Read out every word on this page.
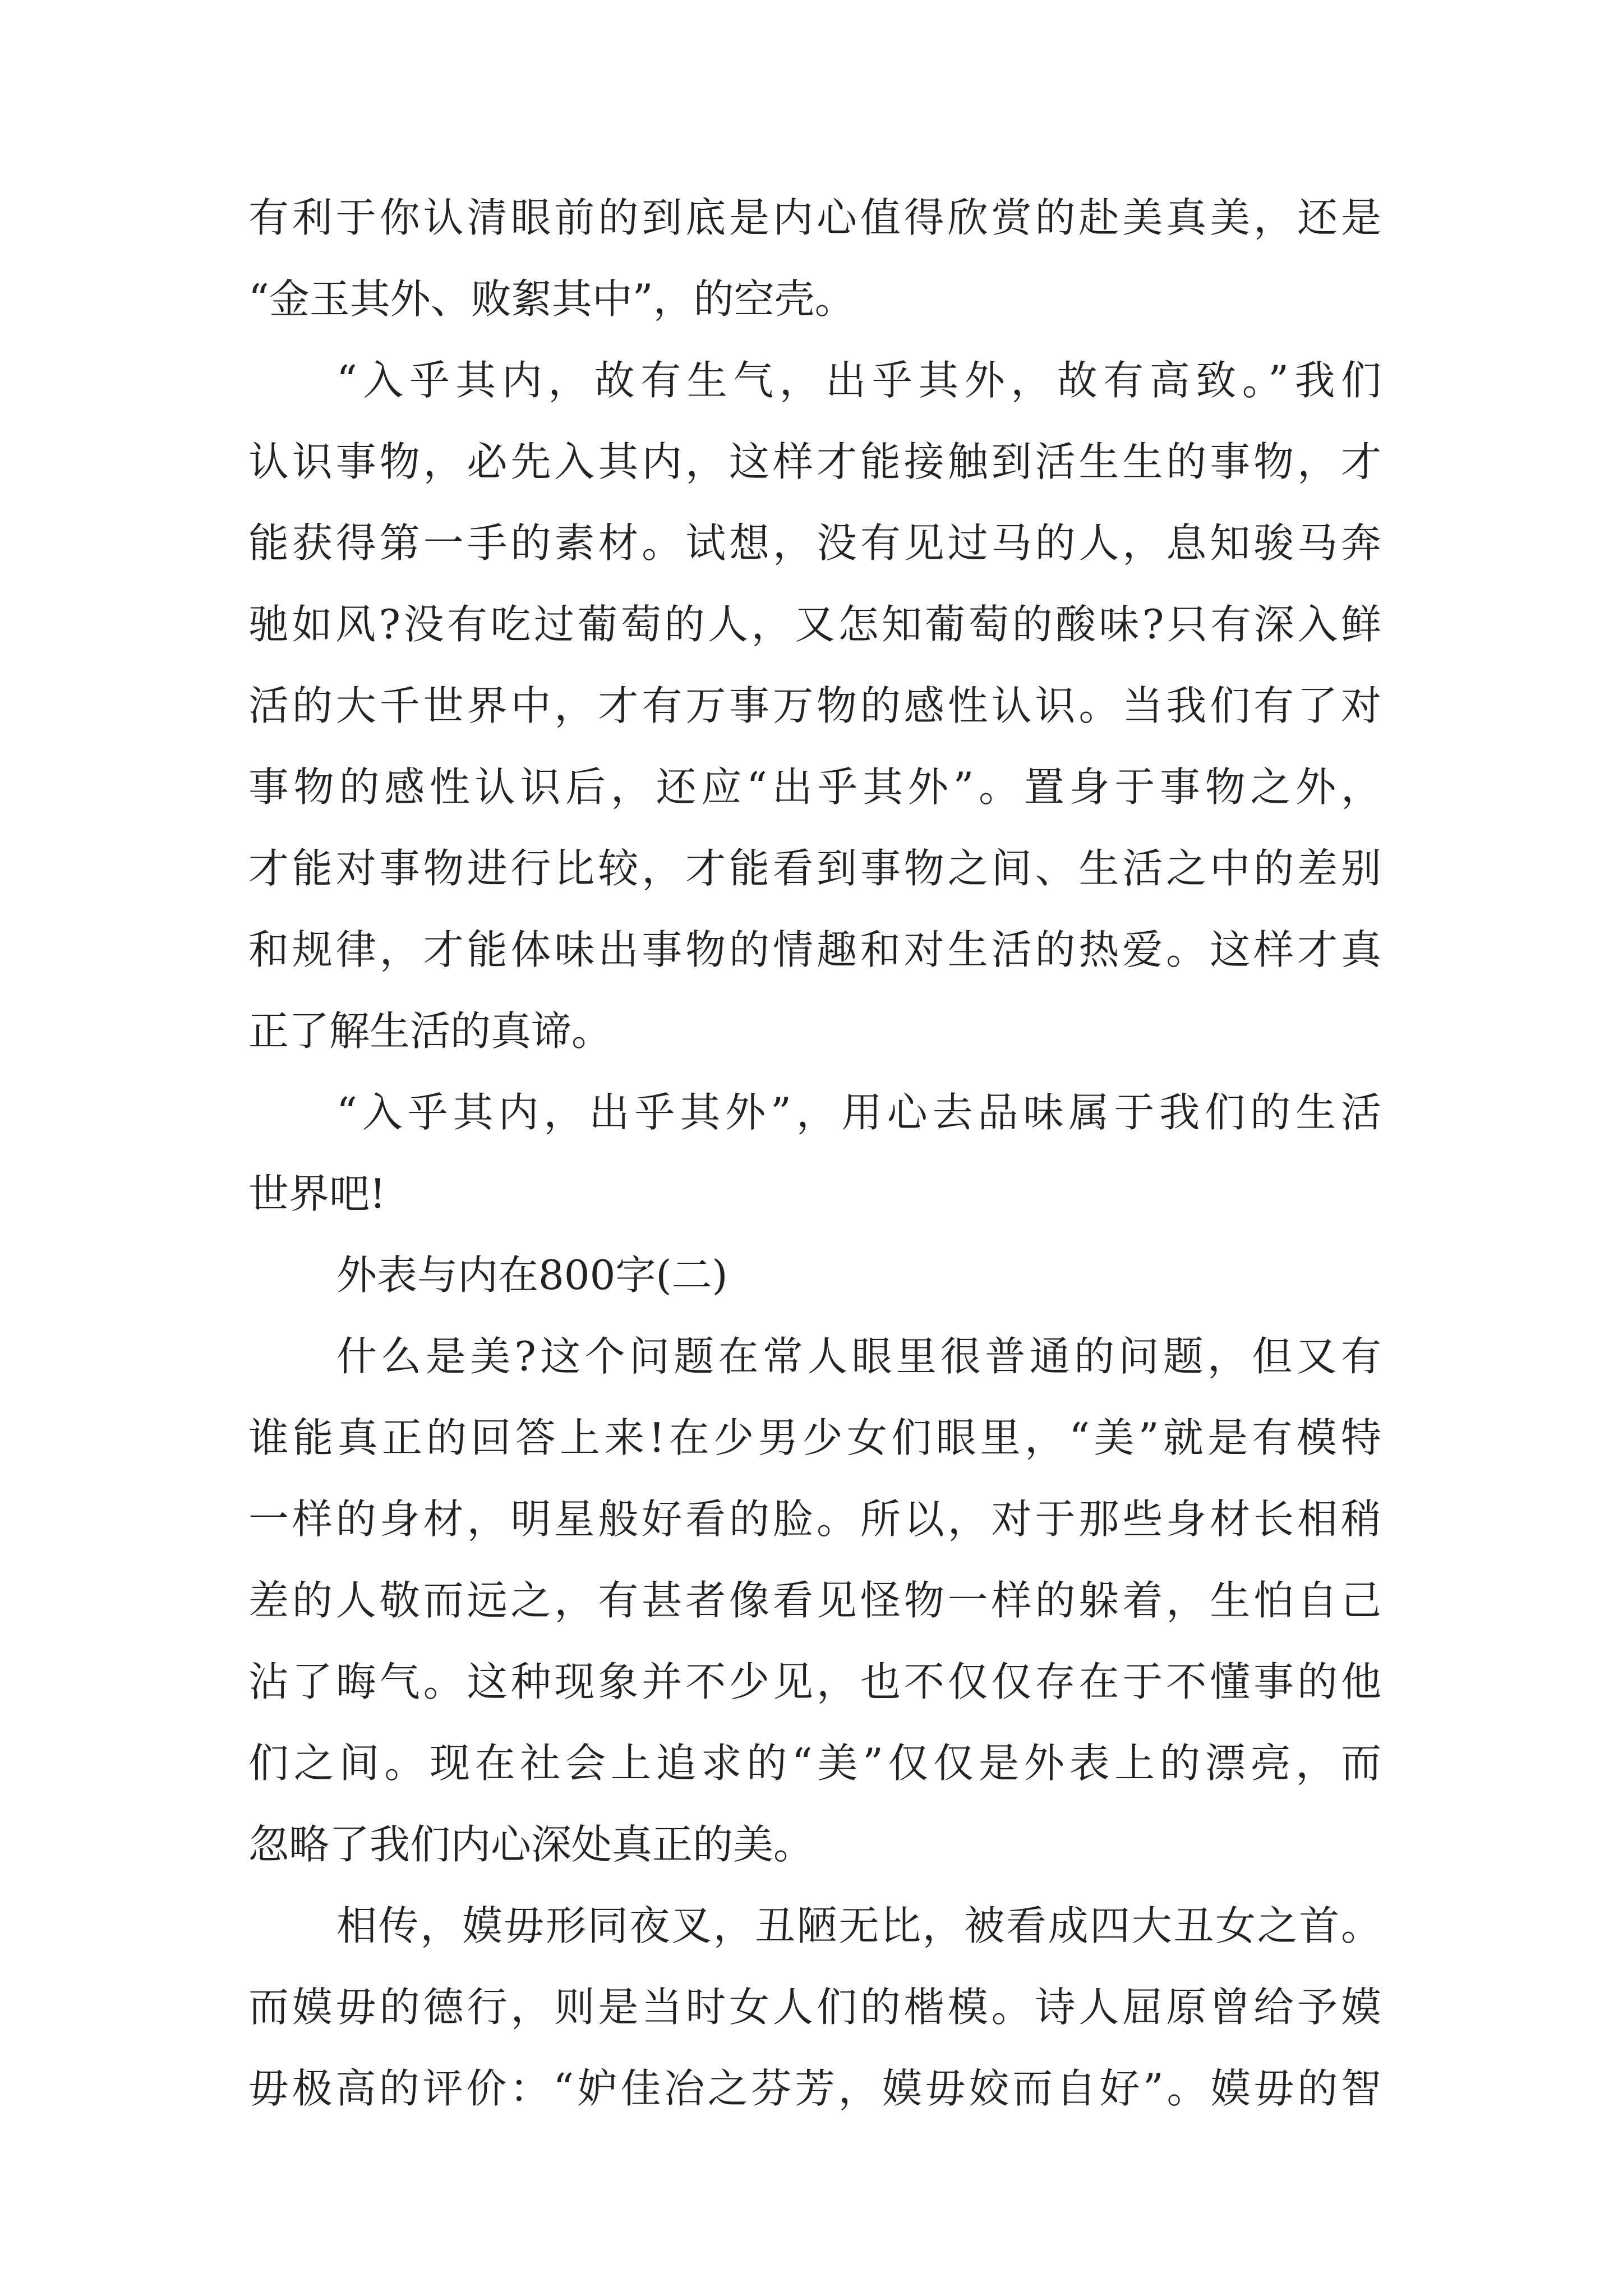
有利于你认清眼前的到底是内心值得欣赏的赴美真美，还是
“金玉其外、败絮其中”，的空壳。
“入乎其内，故有生气，出乎其外，故有高致。”我们
认识事物，必先入其内，这样才能接触到活生生的事物，才
能获得第一手的素材。试想，没有见过马的人，息知骏马奔
驰如风?没有吃过葡萄的人，又怎知葡萄的酸味?只有深入鲜
活的大千世界中，才有万事万物的感性认识。当我们有了对
事物的感性认识后，还应“出乎其外”。置身于事物之外，
才能对事物进行比较，才能看到事物之间、生活之中的差别
和规律，才能体味出事物的情趣和对生活的热爱。这样才真
正了解生活的真谛。
“入乎其内，出乎其外”，用心去品味属于我们的生活
世界吧!
外表与内在800字(二)
什么是美?这个问题在常人眼里很普通的问题，但又有
谁能真正的回答上来!在少男少女们眼里，“美”就是有模特
一样的身材，明星般好看的脸。所以，对于那些身材长相稍
差的人敬而远之，有甚者像看见怪物一样的躲着，生怕自己
沾了晦气。这种现象并不少见，也不仅仅存在于不懂事的他
们之间。现在社会上追求的“美”仅仅是外表上的漂亮，而
忽略了我们内心深处真正的美。
相传，嫫毋形同夜叉，丑陋无比，被看成四大丑女之首。
而嫫毋的德行，则是当时女人们的楷模。诗人屈原曾给予嫫
毋极高的评价：“妒佳冶之芬芳，嫫毋姣而自好”。嫫毋的智
